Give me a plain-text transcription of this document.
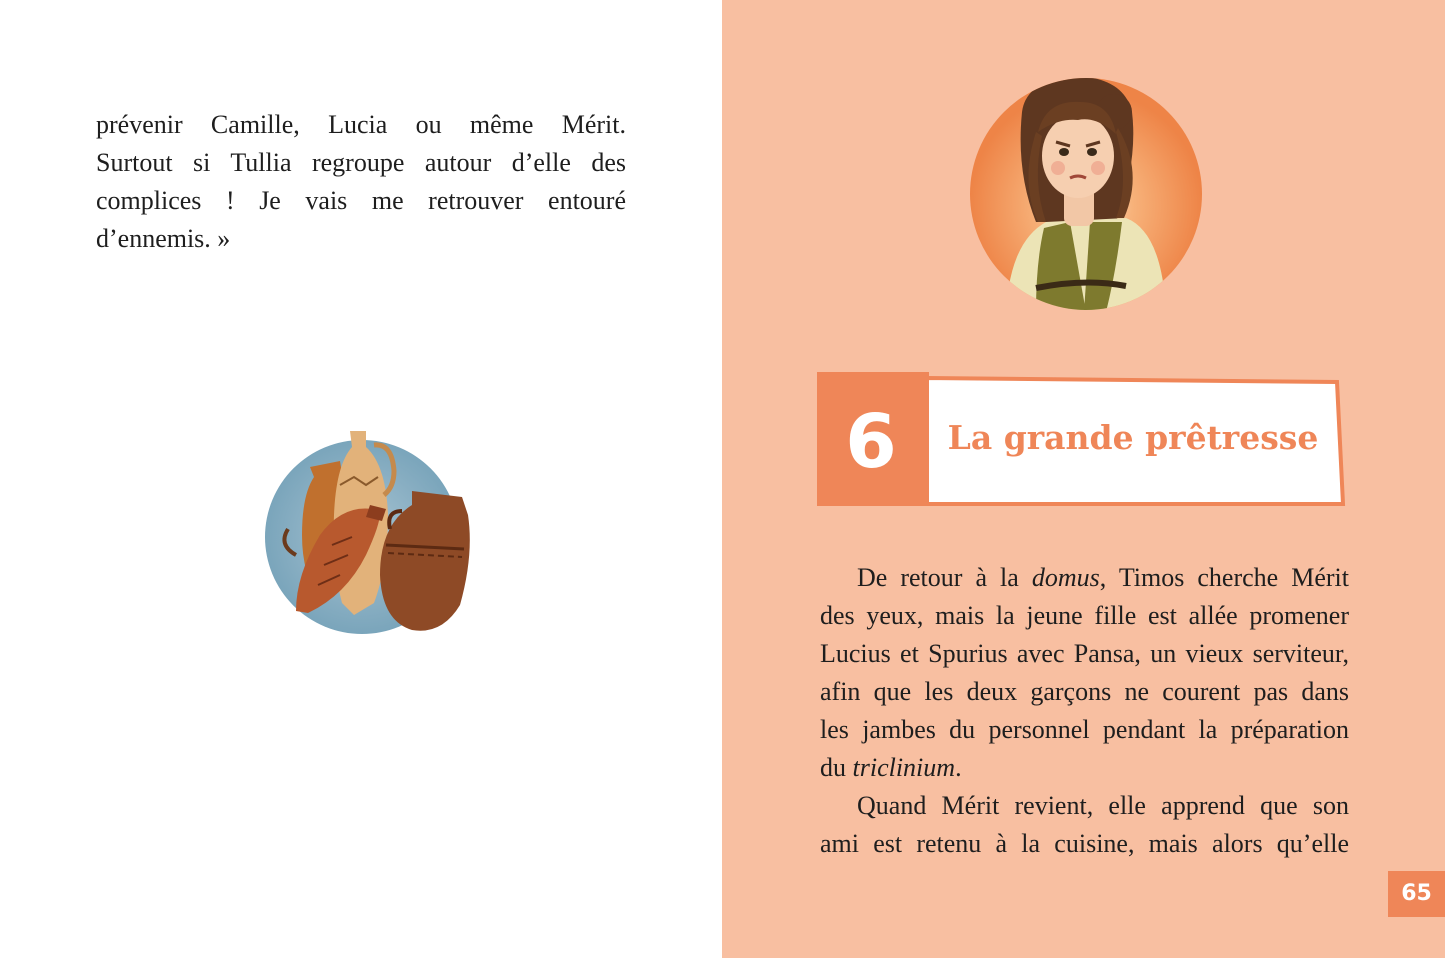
prévenir Camille, Lucia ou même Mérit.
Surtout si Tullia regroupe autour d’elle des
complices ! Je vais me retrouver entouré
d’ennemis. »

6	La grande prêtresse

De retour à la domus, Timos cherche Mérit
des yeux, mais la jeune fille est allée promener
Lucius et Spurius avec Pansa, un vieux serviteur,
afin que les deux garçons ne courent pas dans
les jambes du personnel pendant la préparation
du triclinium.

Quand Mérit revient, elle apprend que son
ami est retenu à la cuisine, mais alors qu’elle

65
